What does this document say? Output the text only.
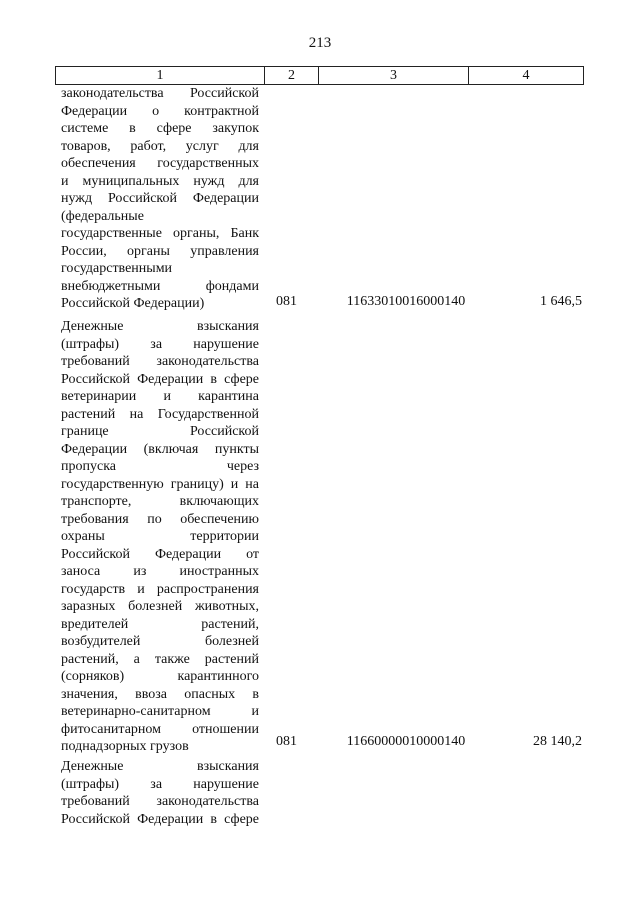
213
1	2	3	4
законодательства Российской
Федерации о контрактной
системе в сфере закупок
товаров, работ, услуг для
обеспечения государственных
и муниципальных нужд для
нужд Российской Федерации
(федеральные
государственные органы, Банк
России, органы управления
государственными
внебюджетными фондами
Российской Федерации)	081	11633010016000140	1 646,5
Денежные взыскания
(штрафы) за нарушение
требований законодательства
Российской Федерации в сфере
ветеринарии и карантина
растений на Государственной
границе Российской
Федерации (включая пункты
пропуска через
государственную границу) и на
транспорте, включающих
требования по обеспечению
охраны территории
Российской Федерации от
заноса из иностранных
государств и распространения
заразных болезней животных,
вредителей растений,
возбудителей болезней
растений, а также растений
(сорняков) карантинного
значения, ввоза опасных в
ветеринарно-санитарном и
фитосанитарном отношении
поднадзорных грузов	081	11660000010000140	28 140,2
Денежные взыскания
(штрафы) за нарушение
требований законодательства
Российской Федерации в сфере
